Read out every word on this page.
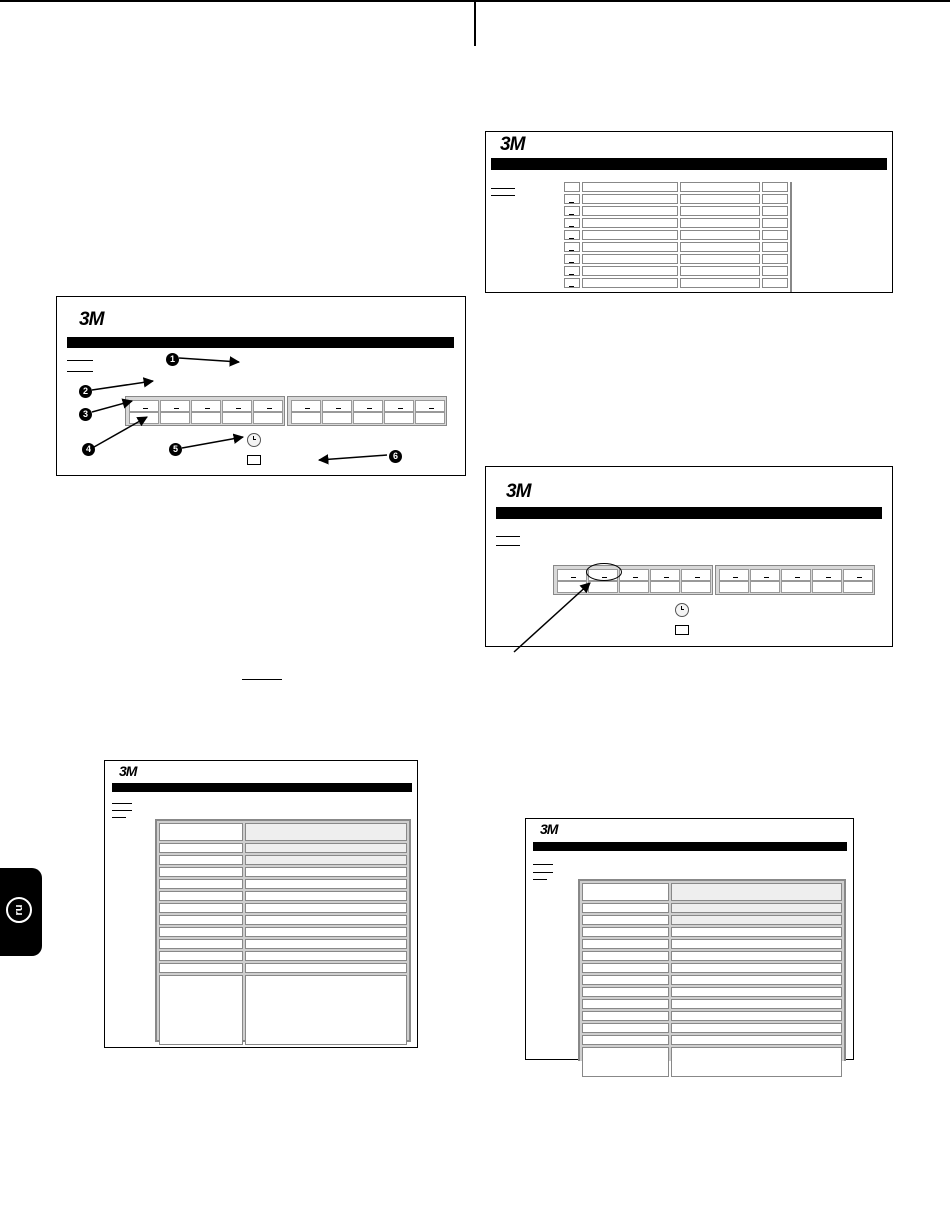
3M
1
2
3
4	5
6
3M
3M
3M
3M
ru
